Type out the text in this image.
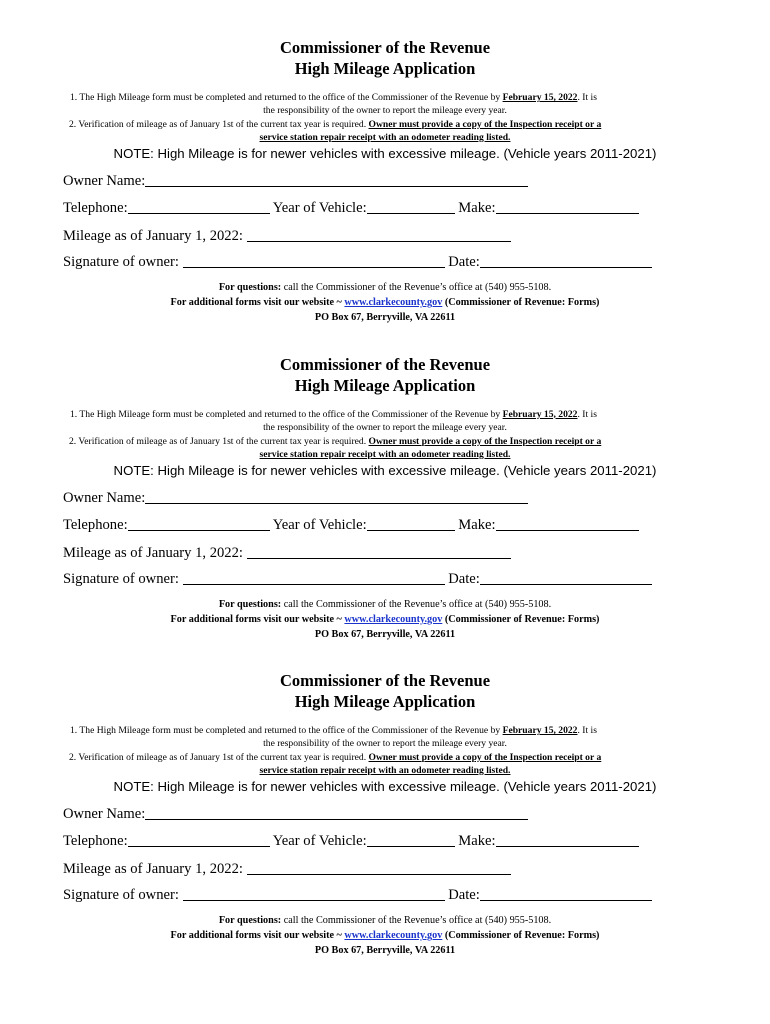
Commissioner of the Revenue
High Mileage Application
1. The High Mileage form must be completed and returned to the office of the Commissioner of the Revenue by February 15, 2022. It is
the responsibility of the owner to report the mileage every year.
2. Verification of mileage as of January 1st of the current tax year is required. Owner must provide a copy of the Inspection receipt or a
service station repair receipt with an odometer reading listed.
NOTE: High Mileage is for newer vehicles with excessive mileage. (Vehicle years 2011-2021)
Owner Name:
Telephone:	Year of Vehicle:	Make:
Mileage as of January 1, 2022:
Signature of owner:	Date:
For questions: call the Commissioner of the Revenue’s office at (540) 955-5108.
For additional forms visit our website ~ www.clarkecounty.gov (Commissioner of Revenue: Forms)
PO Box 67, Berryville, VA 22611
Commissioner of the Revenue
High Mileage Application
1. The High Mileage form must be completed and returned to the office of the Commissioner of the Revenue by February 15, 2022. It is
the responsibility of the owner to report the mileage every year.
2. Verification of mileage as of January 1st of the current tax year is required. Owner must provide a copy of the Inspection receipt or a
service station repair receipt with an odometer reading listed.
NOTE: High Mileage is for newer vehicles with excessive mileage. (Vehicle years 2011-2021)
Owner Name:
Telephone:	Year of Vehicle:	Make:
Mileage as of January 1, 2022:
Signature of owner:	Date:
For questions: call the Commissioner of the Revenue’s office at (540) 955-5108.
For additional forms visit our website ~ www.clarkecounty.gov (Commissioner of Revenue: Forms)
PO Box 67, Berryville, VA 22611
Commissioner of the Revenue
High Mileage Application
1. The High Mileage form must be completed and returned to the office of the Commissioner of the Revenue by February 15, 2022. It is
the responsibility of the owner to report the mileage every year.
2. Verification of mileage as of January 1st of the current tax year is required. Owner must provide a copy of the Inspection receipt or a
service station repair receipt with an odometer reading listed.
NOTE: High Mileage is for newer vehicles with excessive mileage. (Vehicle years 2011-2021)
Owner Name:
Telephone:	Year of Vehicle:	Make:
Mileage as of January 1, 2022:
Signature of owner:	Date:
For questions: call the Commissioner of the Revenue’s office at (540) 955-5108.
For additional forms visit our website ~ www.clarkecounty.gov (Commissioner of Revenue: Forms)
PO Box 67, Berryville, VA 22611
